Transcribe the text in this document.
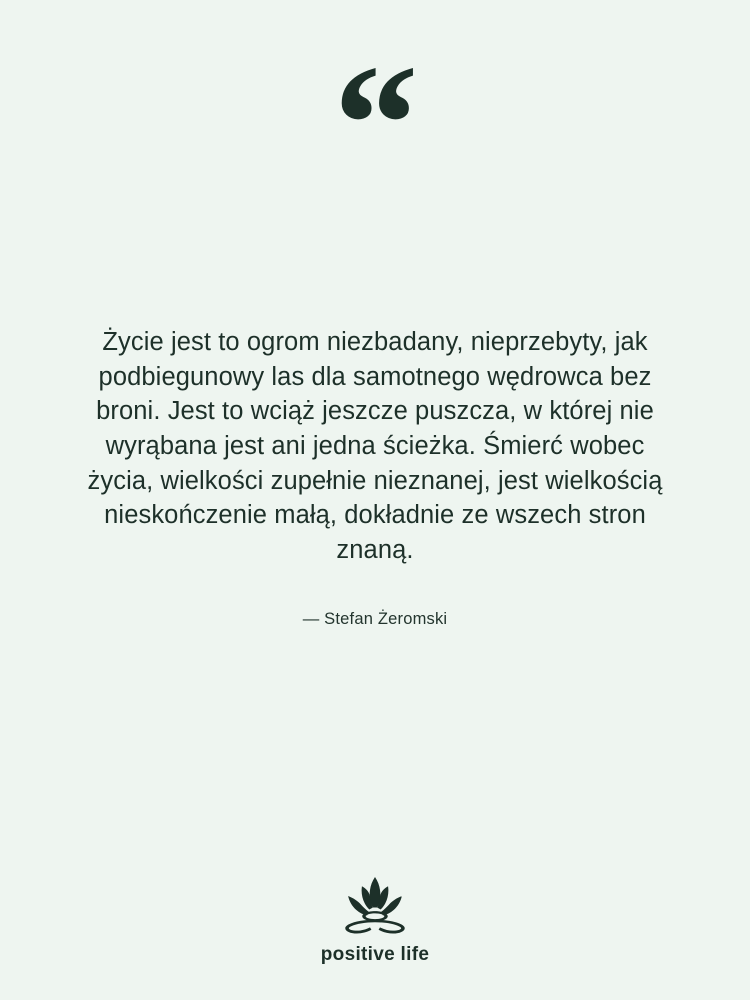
“

Życie jest to ogrom niezbadany, nieprzebyty, jak podbiegunowy las dla samotnego wędrowca bez broni. Jest to wciąż jeszcze puszcza, w której nie wyrąbana jest ani jedna ścieżka. Śmierć wobec życia, wielkości zupełnie nieznanej, jest wielkością nieskończenie małą, dokładnie ze wszech stron znaną.

— Stefan Żeromski
positive life
